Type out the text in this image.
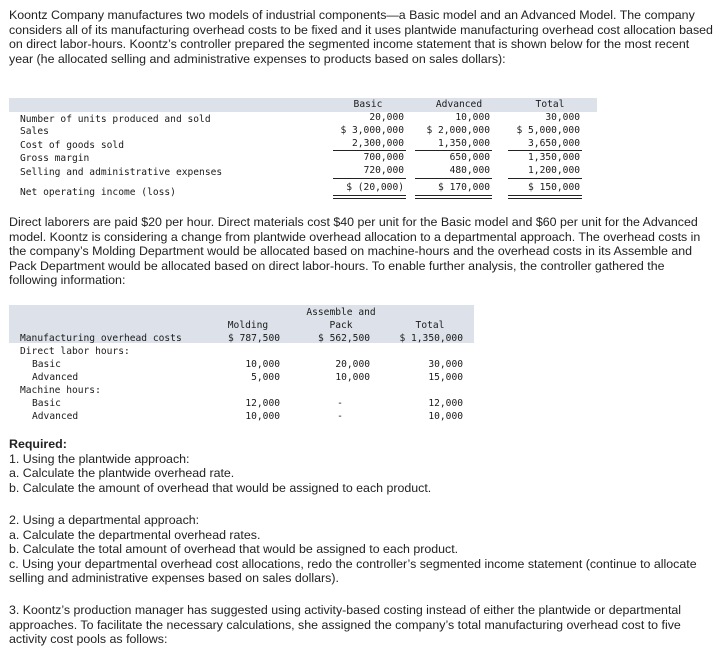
Koontz Company manufactures two models of industrial components—a Basic model and an Advanced Model. The company considers all of its manufacturing overhead costs to be fixed and it uses plantwide manufacturing overhead cost allocation based on direct labor-hours. Koontz’s controller prepared the segmented income statement that is shown below for the most recent year (he allocated selling and administrative expenses to products based on sales dollars):

Basic	Advanced	Total
Number of units produced and sold	20,000	10,000	30,000
Sales	$ 3,000,000	$ 2,000,000	$ 5,000,000
Cost of goods sold	2,300,000	1,350,000	3,650,000
Gross margin	700,000	650,000	1,350,000
Selling and administrative expenses	720,000	480,000	1,200,000
Net operating income (loss)	$ (20,000)	$ 170,000	$ 150,000

Direct laborers are paid $20 per hour. Direct materials cost $40 per unit for the Basic model and $60 per unit for the Advanced model. Koontz is considering a change from plantwide overhead allocation to a departmental approach. The overhead costs in the company’s Molding Department would be allocated based on machine-hours and the overhead costs in its Assemble and Pack Department would be allocated based on direct labor-hours. To enable further analysis, the controller gathered the following information:

Molding
Assemble and
Pack	Total
Manufacturing overhead costs	$ 787,500	$ 562,500	$ 1,350,000
Direct labor hours:
Basic	10,000	20,000	30,000
Advanced	5,000	10,000	15,000
Machine hours:
Basic	12,000	-	12,000
Advanced	10,000	-	10,000
Required:
1. Using the plantwide approach:
a. Calculate the plantwide overhead rate.
b. Calculate the amount of overhead that would be assigned to each product.
2. Using a departmental approach:
a. Calculate the departmental overhead rates.
b. Calculate the total amount of overhead that would be assigned to each product.
c. Using your departmental overhead cost allocations, redo the controller’s segmented income statement (continue to allocate selling and administrative expenses based on sales dollars).

3. Koontz’s production manager has suggested using activity-based costing instead of either the plantwide or departmental approaches. To facilitate the necessary calculations, she assigned the company’s total manufacturing overhead cost to five activity cost pools as follows:
